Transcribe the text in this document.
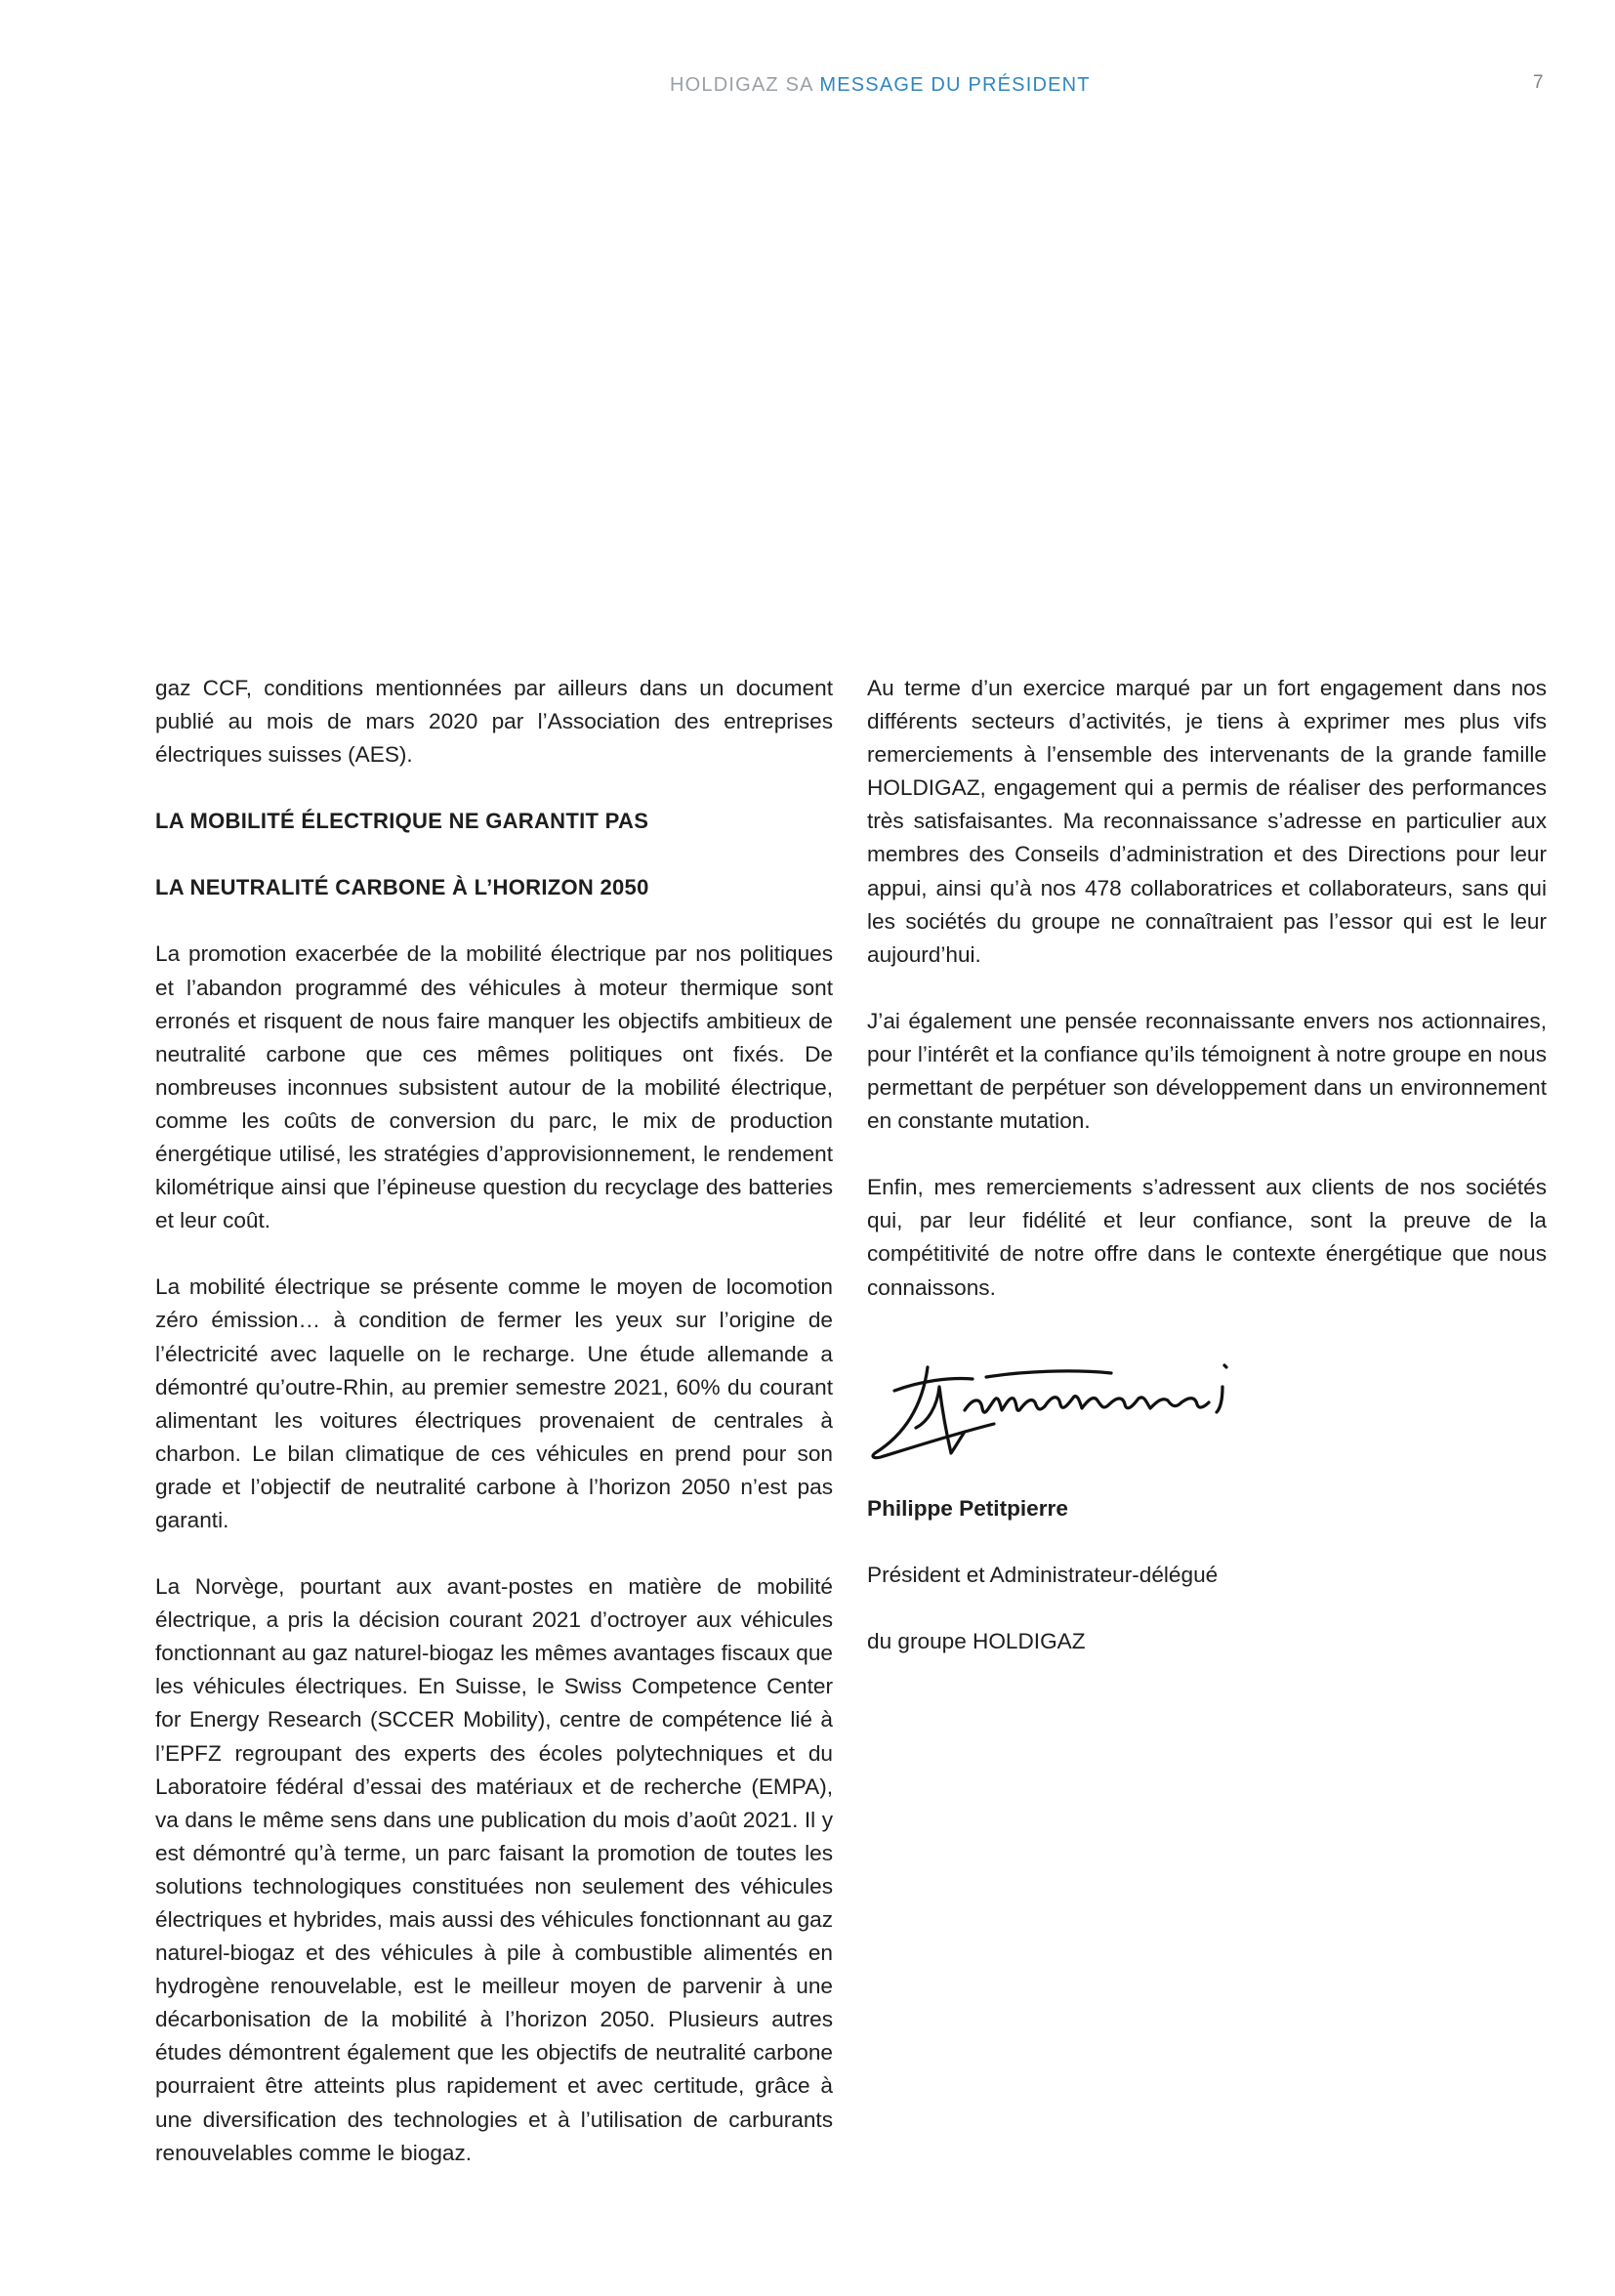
HOLDIGAZ SA MESSAGE DU PRÉSIDENT	7

gaz CCF, conditions mentionnées par ailleurs dans un document publié au mois de mars 2020 par l’Association des entreprises électriques suisses (AES).

LA MOBILITÉ ÉLECTRIQUE NE GARANTIT PAS

LA NEUTRALITÉ CARBONE À L’HORIZON 2050

La promotion exacerbée de la mobilité électrique par nos politiques et l’abandon programmé des véhicules à moteur thermique sont erronés et risquent de nous faire manquer les objectifs ambitieux de neutralité carbone que ces mêmes politiques ont fixés. De nombreuses inconnues subsistent autour de la mobilité électrique, comme les coûts de conversion du parc, le mix de production énergétique utilisé, les stratégies d’approvisionnement, le rendement kilométrique ainsi que l’épineuse question du recyclage des batteries et leur coût.

La mobilité électrique se présente comme le moyen de locomotion zéro émission… à condition de fermer les yeux sur l’origine de l’électricité avec laquelle on le recharge. Une étude allemande a démontré qu’outre-Rhin, au premier semestre 2021, 60% du courant alimentant les voitures électriques provenaient de centrales à charbon. Le bilan climatique de ces véhicules en prend pour son grade et l’objectif de neutralité carbone à l’horizon 2050 n’est pas garanti.

La Norvège, pourtant aux avant-postes en matière de mobilité électrique, a pris la décision courant 2021 d’octroyer aux véhicules fonctionnant au gaz naturel-biogaz les mêmes avantages fiscaux que les véhicules électriques. En Suisse, le Swiss Competence Center for Energy Research (SCCER Mobility), centre de compétence lié à l’EPFZ regroupant des experts des écoles polytechniques et du Laboratoire fédéral d’essai des matériaux et de recherche (EMPA), va dans le même sens dans une publication du mois d’août 2021. Il y est démontré qu’à terme, un parc faisant la promotion de toutes les solutions technologiques constituées non seulement des véhicules électriques et hybrides, mais aussi des véhicules fonctionnant au gaz naturel-biogaz et des véhicules à pile à combustible alimentés en hydrogène renouvelable, est le meilleur moyen de parvenir à une décarbonisation de la mobilité à l’horizon 2050. Plusieurs autres études démontrent également que les objectifs de neutralité carbone pourraient être atteints plus rapidement et avec certitude, grâce à une diversification des technologies et à l’utilisation de carburants renouvelables comme le biogaz.

Au terme d’un exercice marqué par un fort engagement dans nos différents secteurs d’activités, je tiens à exprimer mes plus vifs remerciements à l’ensemble des intervenants de la grande famille HOLDIGAZ, engagement qui a permis de réaliser des performances très satisfaisantes. Ma reconnaissance s’adresse en particulier aux membres des Conseils d’administration et des Directions pour leur appui, ainsi qu’à nos 478 collaboratrices et collaborateurs, sans qui les sociétés du groupe ne connaîtraient pas l’essor qui est le leur aujourd’hui.

J’ai également une pensée reconnaissante envers nos actionnaires, pour l’intérêt et la confiance qu’ils témoignent à notre groupe en nous permettant de perpétuer son développement dans un environnement en constante mutation.

Enfin, mes remerciements s’adressent aux clients de nos sociétés qui, par leur fidélité et leur confiance, sont la preuve de la compétitivité de notre offre dans le contexte énergétique que nous connaissons.

Philippe Petitpierre

Président et Administrateur-délégué

du groupe HOLDIGAZ
